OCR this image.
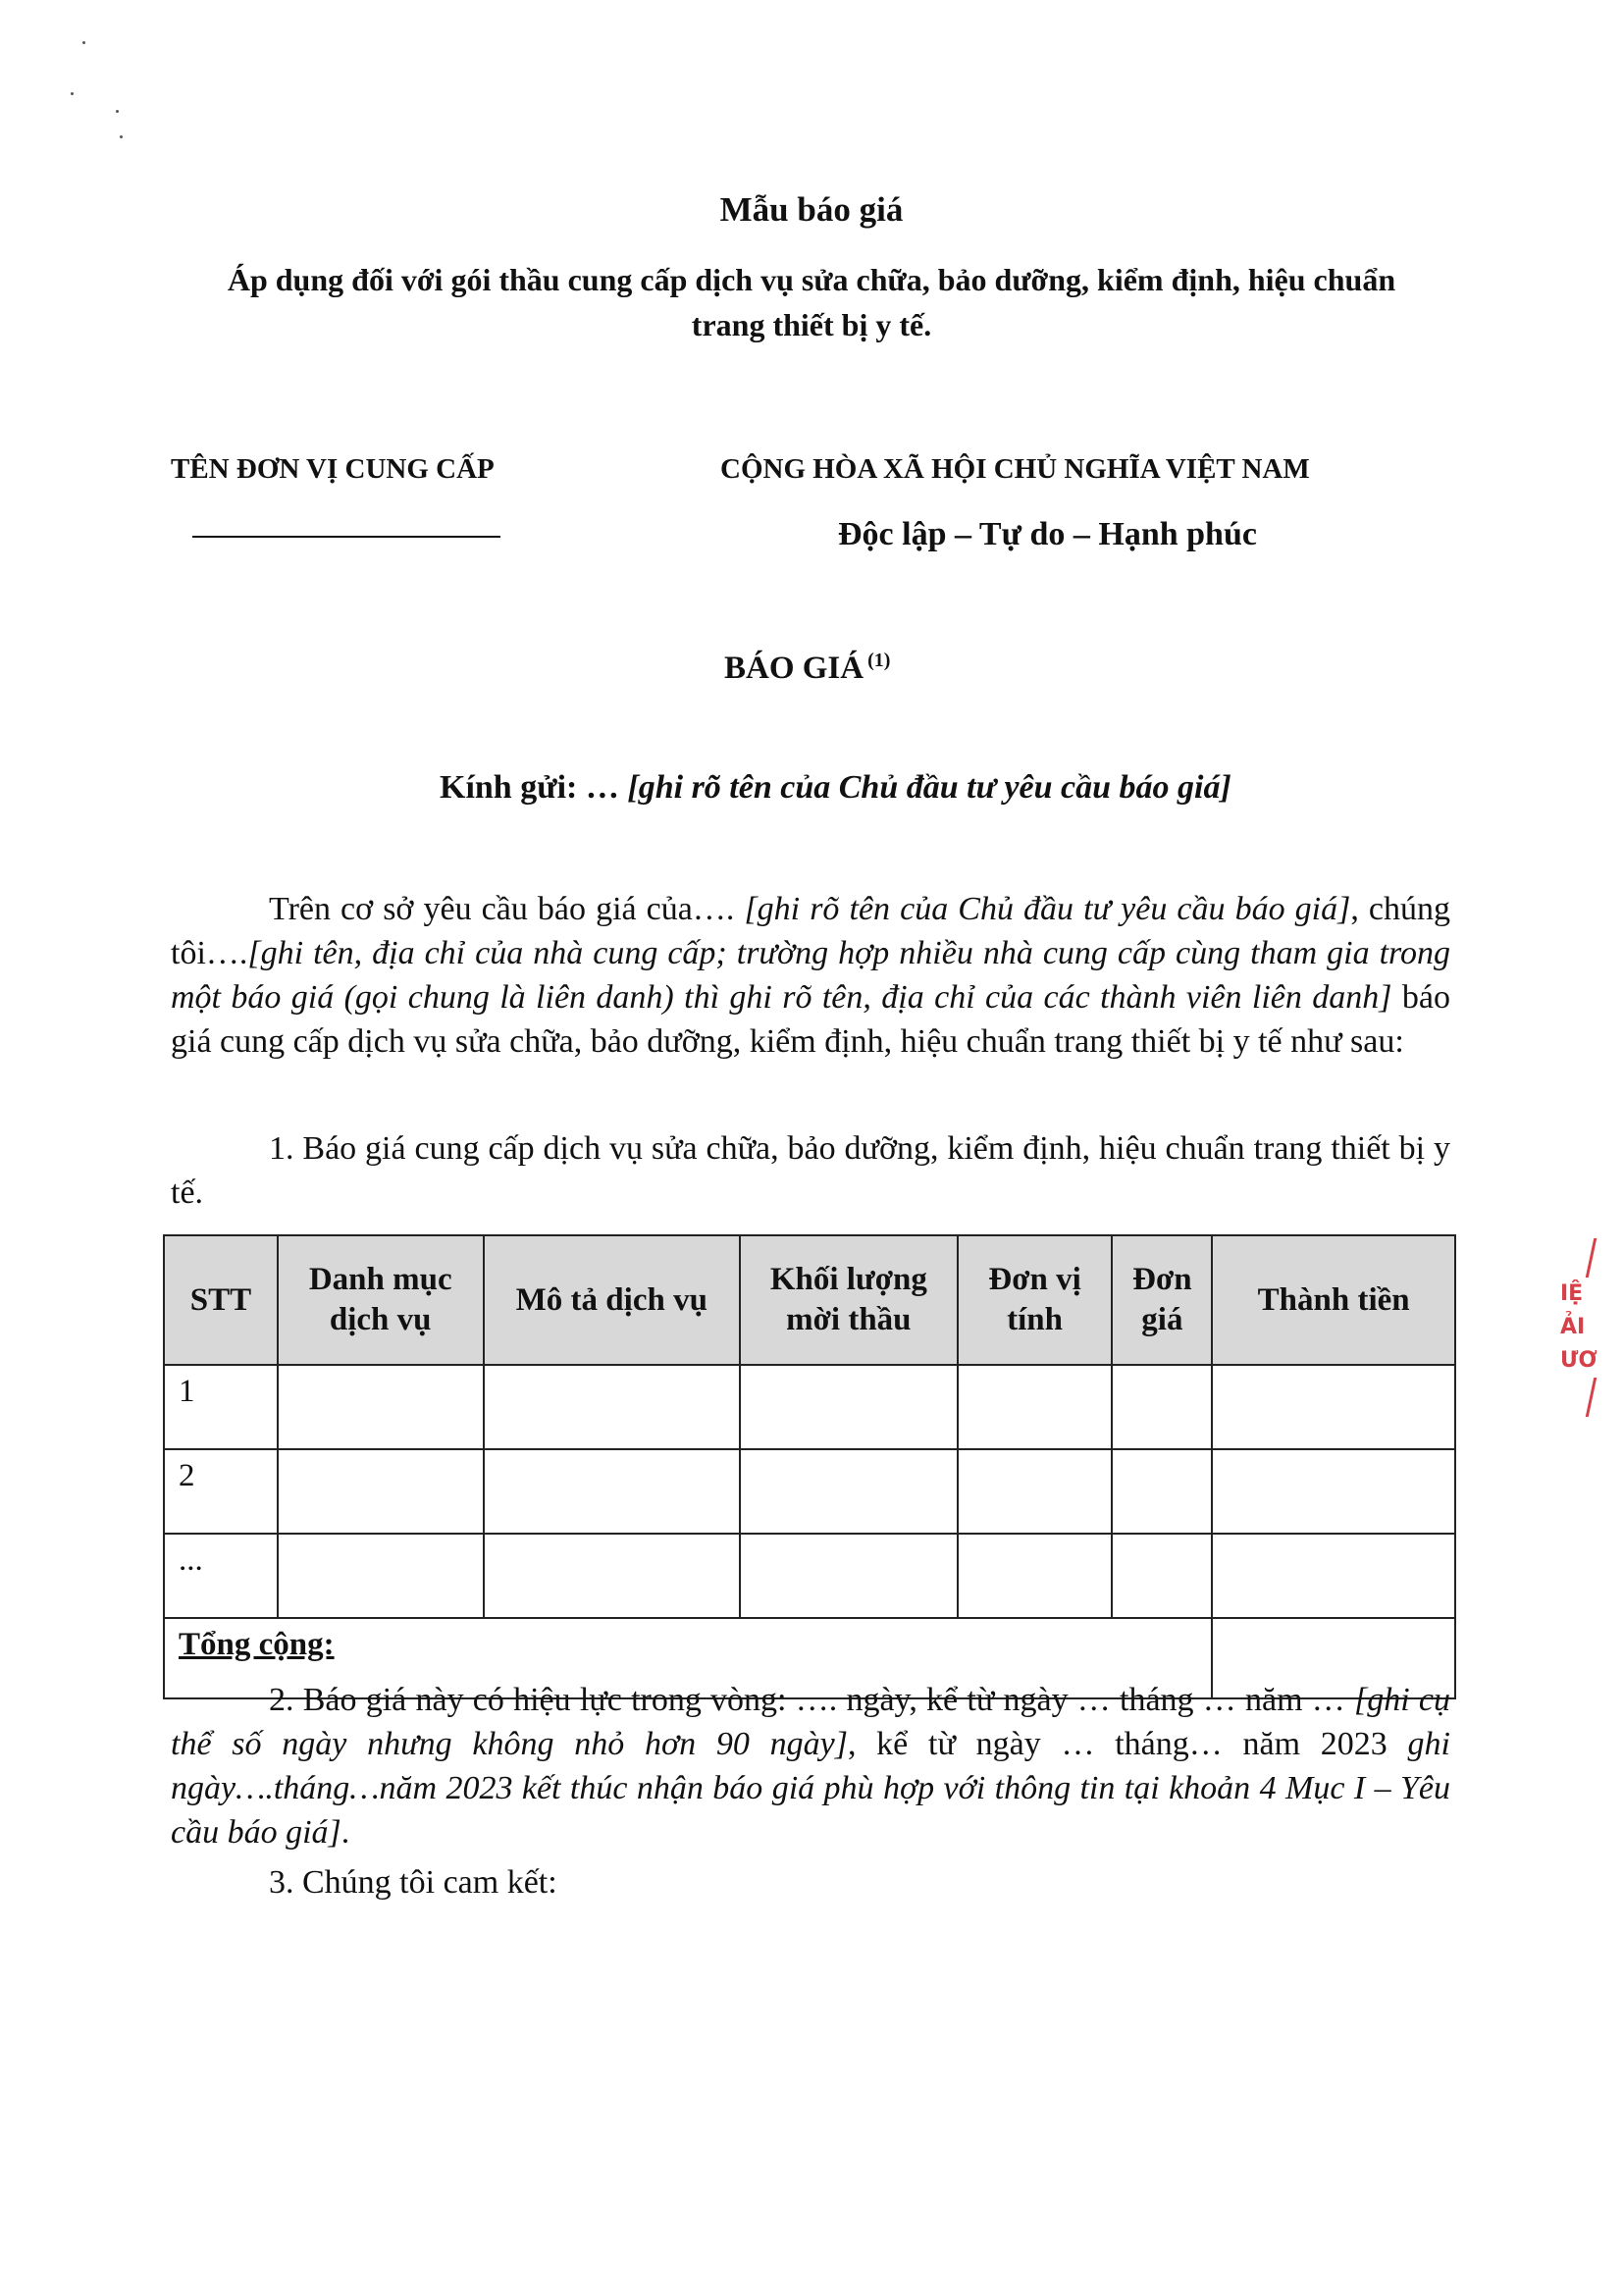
Mẫu báo giá
Áp dụng đối với gói thầu cung cấp dịch vụ sửa chữa, bảo dưỡng, kiểm định, hiệu chuẩn trang thiết bị y tế.
TÊN ĐƠN VỊ CUNG CẤP	CỘNG HÒA XÃ HỘI CHỦ NGHĨA VIỆT NAM
Độc lập – Tự do – Hạnh phúc
BÁO GIÁ $^{(1)}$
Kính gửi: … [ghi rõ tên của Chủ đầu tư yêu cầu báo giá]
Trên cơ sở yêu cầu báo giá của…. [ghi rõ tên của Chủ đầu tư yêu cầu báo giá], chúng tôi….[ghi tên, địa chỉ của nhà cung cấp; trường hợp nhiều nhà cung cấp cùng tham gia trong một báo giá (gọi chung là liên danh) thì ghi rõ tên, địa chỉ của các thành viên liên danh] báo giá cung cấp dịch vụ sửa chữa, bảo dưỡng, kiểm định, hiệu chuẩn trang thiết bị y tế như sau:
1. Báo giá cung cấp dịch vụ sửa chữa, bảo dưỡng, kiểm định, hiệu chuẩn trang thiết bị y tế.
STT	Danh mục dịch vụ	Mô tả dịch vụ	Khối lượng mời thầu	Đơn vị tính	Đơn giá	Thành tiền
1						
2						
...						
Tổng cộng:						
2. Báo giá này có hiệu lực trong vòng: …. ngày, kể từ ngày … tháng … năm … [ghi cụ thể số ngày nhưng không nhỏ hơn 90 ngày], kể từ ngày … tháng… năm 2023 ghi ngày….tháng…năm 2023 kết thúc nhận báo giá phù hợp với thông tin tại khoản 4 Mục I – Yêu cầu báo giá].
3. Chúng tôi cam kết:
IỆ
ẢI
ƯƠ
